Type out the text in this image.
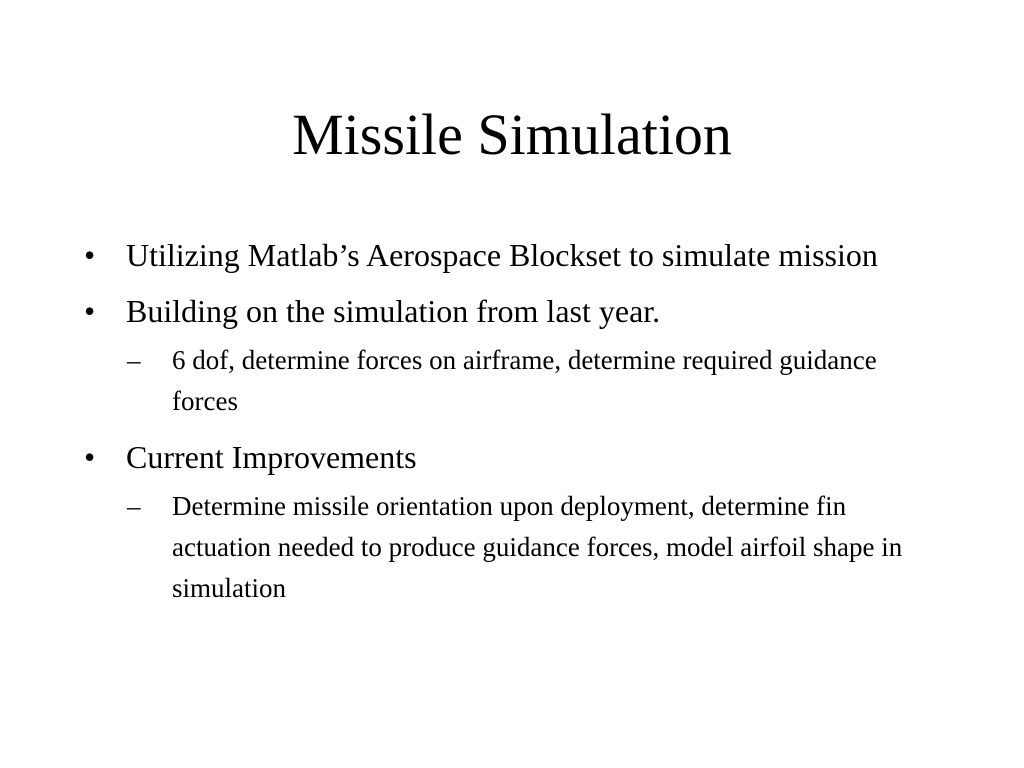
Missile Simulation
• Utilizing Matlab’s Aerospace Blockset to simulate mission
• Building on the simulation from last year.
– 6 dof, determine forces on airframe, determine required guidance forces
• Current Improvements
– Determine missile orientation upon deployment, determine fin actuation needed to produce guidance forces, model airfoil shape in simulation
